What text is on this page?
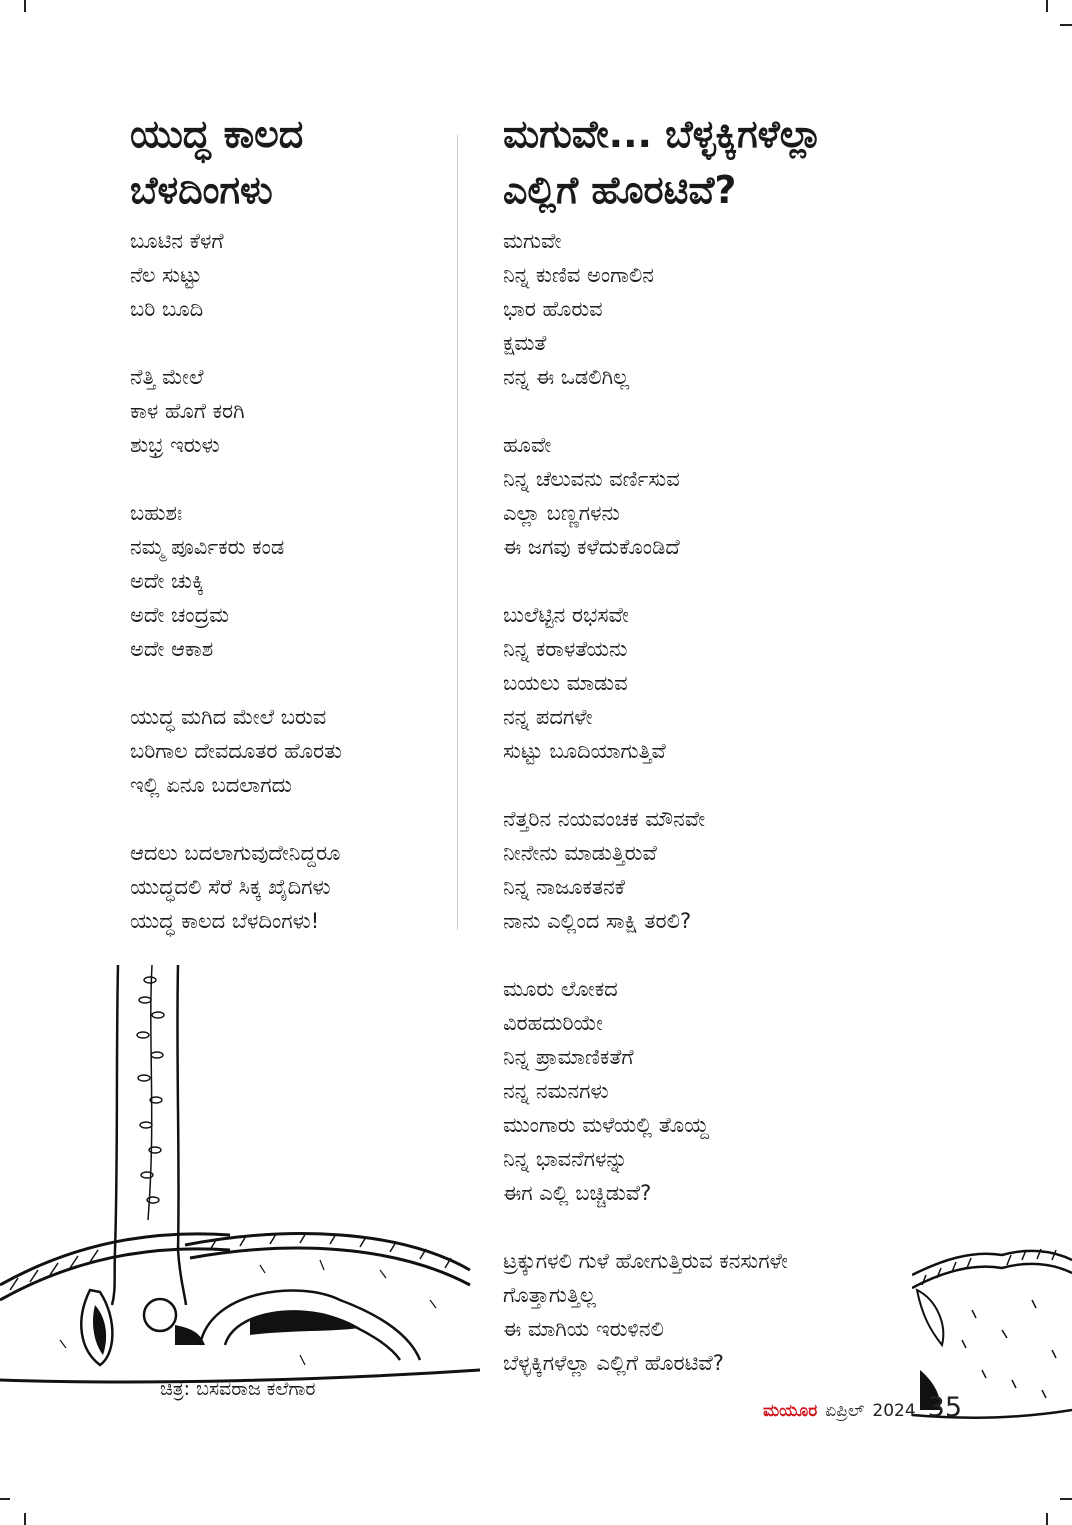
ಯುದ್ಧ ಕಾಲದ
ಬೆಳದಿಂಗಳು
ಬೂಟಿನ ಕೆಳಗೆ
ನೆಲ ಸುಟ್ಟು
ಬರಿ ಬೂದಿ
ನೆತ್ತಿ ಮೇಲೆ
ಕಾಳ ಹೊಗೆ ಕರಗಿ
ಶುಭ್ರ ಇರುಳು
ಬಹುಶಃ
ನಮ್ಮ ಪೂರ್ವಿಕರು ಕಂಡ
ಅದೇ ಚುಕ್ಕಿ
ಅದೇ ಚಂದ್ರಮ
ಅದೇ ಆಕಾಶ
ಯುದ್ಧ ಮಗಿದ ಮೇಲೆ ಬರುವ
ಬರಿಗಾಲ ದೇವದೂತರ ಹೊರತು
ಇಲ್ಲಿ ಏನೂ ಬದಲಾಗದು
ಆದಲು ಬದಲಾಗುವುದೇನಿದ್ದರೂ
ಯುದ್ಧದಲಿ ಸೆರೆ ಸಿಕ್ಕ ಖೈದಿಗಳು
ಯುದ್ಧ ಕಾಲದ ಬೆಳದಿಂಗಳು!
ಮಗುವೇ... ಬೆಳ್ಳಕ್ಕಿಗಳೆಲ್ಲಾ
ಎಲ್ಲಿಗೆ ಹೊರಟಿವೆ?
ಮಗುವೇ
ನಿನ್ನ ಕುಣಿವ ಅಂಗಾಲಿನ
ಭಾರ ಹೊರುವ
ಕ್ಷಮತೆ
ನನ್ನ ಈ ಒಡಲಿಗಿಲ್ಲ
ಹೂವೇ
ನಿನ್ನ ಚೆಲುವನು ವರ್ಣಿಸುವ
ಎಲ್ಲಾ ಬಣ್ಣಗಳನು
ಈ ಜಗವು ಕಳೆದುಕೊಂಡಿದೆ
ಬುಲೆಟ್ಟಿನ ರಭಸವೇ
ನಿನ್ನ ಕರಾಳತೆಯನು
ಬಯಲು ಮಾಡುವ
ನನ್ನ ಪದಗಳೇ
ಸುಟ್ಟು ಬೂದಿಯಾಗುತ್ತಿವೆ
ನೆತ್ತರಿನ ನಯವಂಚಕ ಮೌನವೇ
ನೀನೇನು ಮಾಡುತ್ತಿರುವೆ
ನಿನ್ನ ನಾಜೂಕತನಕೆ
ನಾನು ಎಲ್ಲಿಂದ ಸಾಕ್ಷಿ ತರಲಿ?
ಮೂರು ಲೋಕದ
ವಿರಹದುರಿಯೇ
ನಿನ್ನ ಪ್ರಾಮಾಣಿಕತೆಗೆ
ನನ್ನ ನಮನಗಳು
ಮುಂಗಾರು ಮಳೆಯಲ್ಲಿ ತೊಯ್ದ
ನಿನ್ನ ಭಾವನೆಗಳನ್ನು
ಈಗ ಎಲ್ಲಿ ಬಚ್ಚಿಡುವೆ?
ಟ್ರಕ್ಕುಗಳಲಿ ಗುಳೆ ಹೋಗುತ್ತಿರುವ ಕನಸುಗಳೇ
ಗೊತ್ತಾಗುತ್ತಿಲ್ಲ
ಈ ಮಾಗಿಯ ಇರುಳಿನಲಿ
ಬೆಳ್ಳಕ್ಕಿಗಳೆಲ್ಲಾ ಎಲ್ಲಿಗೆ ಹೊರಟಿವೆ?
ಚಿತ್ರ: ಬಸವರಾಜ ಕಲೆಗಾರ
ಮಯೂರ ಏಪ್ರಿಲ್ 2024 35
